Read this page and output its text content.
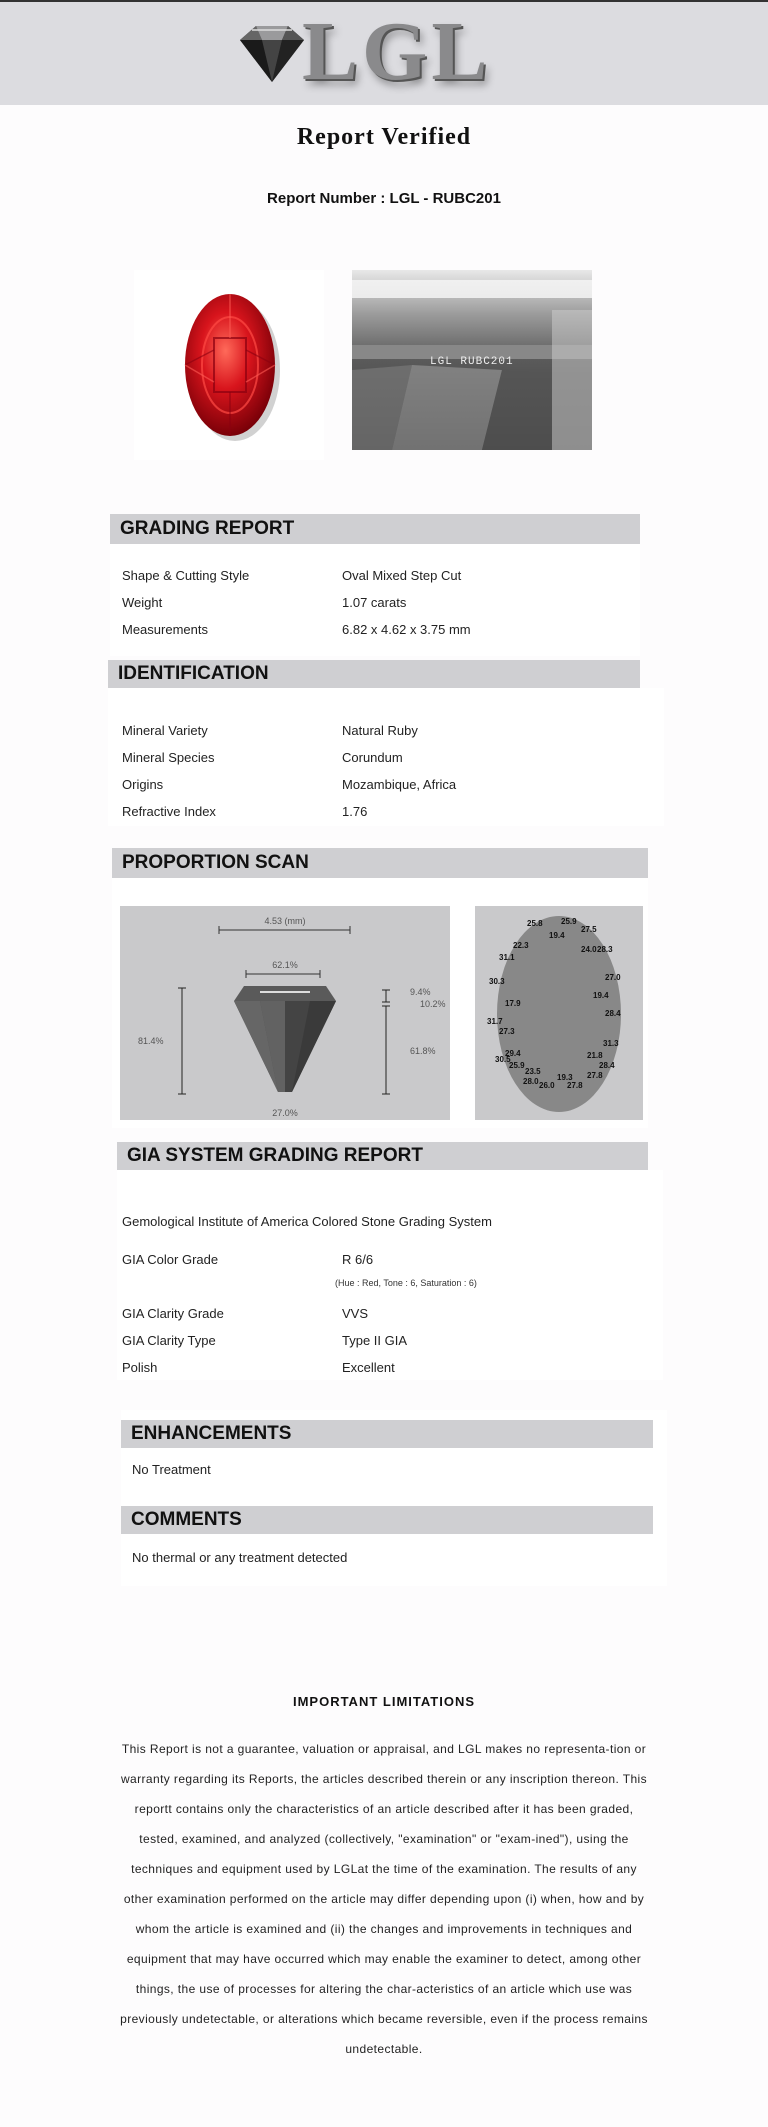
LGL
Report Verified
Report Number : LGL - RUBC201
LGL RUBC201
GRADING REPORT
Shape & Cutting Style	Oval Mixed Step Cut
Weight	1.07 carats
Measurements	6.82 x 4.62 x 3.75 mm
IDENTIFICATION
Mineral Variety	Natural Ruby
Mineral Species	Corundum
Origins	Mozambique, Africa
Refractive Index	1.76
PROPORTION SCAN
4.53 (mm)
62.1%
81.4%
9.4%
10.2%
61.8%
27.0%
25.8 25.9
27.5
19.4
22.3	24.0 28.3
31.1
30.3	27.0
19.4
17.9
28.4
31.7
27.3
31.3
29.4
30.5	21.8
28.4
25.9
23.5	27.8
19.3
28.0 26.0 27.8
GIA SYSTEM GRADING REPORT
Gemological Institute of America Colored Stone Grading System
GIA Color Grade	R 6/6
(Hue : Red, Tone : 6, Saturation : 6)
GIA Clarity Grade	VVS
GIA Clarity Type	Type II GIA
Polish	Excellent
ENHANCEMENTS
No Treatment
COMMENTS
No thermal or any treatment detected
IMPORTANT LIMITATIONS
This Report is not a guarantee, valuation or appraisal, and LGL makes no representa-tion or warranty regarding its Reports, the articles described therein or any inscription thereon. This reportt contains only the characteristics of an article described after it has been graded, tested, examined, and analyzed (collectively, "examination" or "exam-ined"), using the techniques and equipment used by LGLat the time of the examination. The results of any other examination performed on the article may differ depending upon (i) when, how and by whom the article is examined and (ii) the changes and improvements in techniques and equipment that may have occurred which may enable the examiner to detect, among other things, the use of processes for altering the char-acteristics of an article which use was previously undetectable, or alterations which became reversible, even if the process remains undetectable.
